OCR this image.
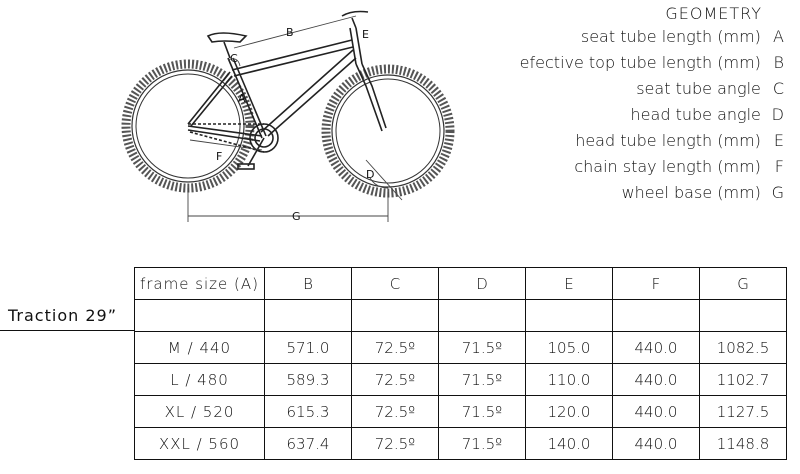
A
B
C
D
E
F
G
GEOMETRY
seat tube length (mm) A
efective top tube length (mm) B
seat tube angle C
head tube angle D
head tube length (mm) E
chain stay length (mm) F
wheel base (mm) G
Traction 29”
frame size (A)	B	C	D	E	F	G

M / 440	571.0	72.5º	71.5º	105.0	440.0	1082.5
L / 480	589.3	72.5º	71.5º	110.0	440.0	1102.7
XL / 520	615.3	72.5º	71.5º	120.0	440.0	1127.5
XXL / 560	637.4	72.5º	71.5º	140.0	440.0	1148.8
